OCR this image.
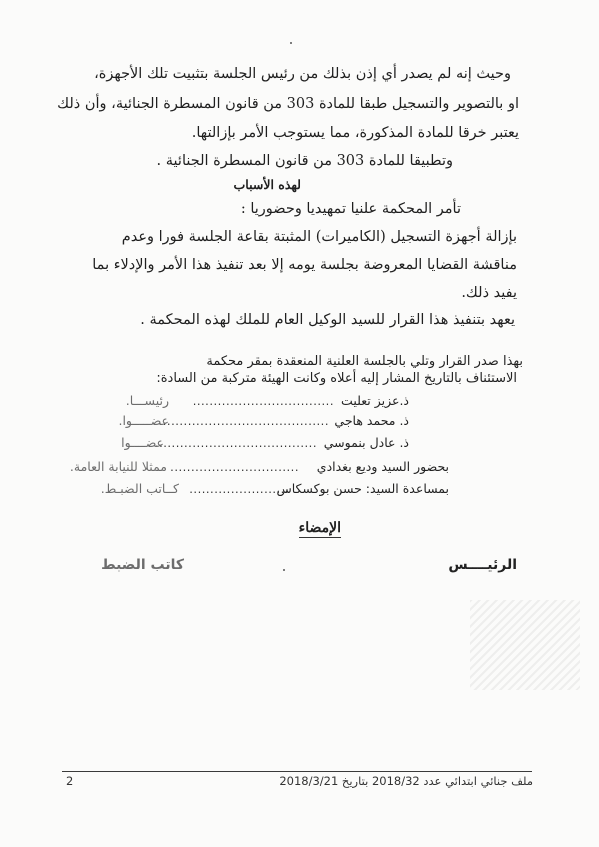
وحيث إنه لم يصدر أي إذن بذلك من رئيس الجلسة بتثبيت تلك الأجهزة،
او بالتصوير والتسجيل طبقا للمادة 303 من قانون المسطرة الجنائية، وأن ذلك
يعتبر خرقا للمادة المذكورة، مما يستوجب الأمر بإزالتها.
وتطبيقا للمادة 303 من قانون المسطرة الجنائية .
لهذه الأسباب
تأمر المحكمة علنيا تمهيديا وحضوريا :
بإزالة أجهزة التسجيل (الكاميرات) المثبتة بقاعة الجلسة فورا وعدم
مناقشة القضايا المعروضة بجلسة يومه إلا بعد تنفيذ هذا الأمر والإدلاء بما
يفيد ذلك.
يعهد بتنفيذ هذا القرار للسيد الوكيل العام للملك لهذه المحكمة .
بهذا صدر القرار وتلي بالجلسة العلنية المنعقدة بمقر محكمة
الاستئناف بالتاريخ المشار إليه أعلاه وكانت الهيئة متركبة من السادة:
ذ.عزيز تعليت
..................................
رئيســـا.
ذ. محمد هاجي
.........................................
عضـــــوا.
ذ. عادل بنموسي
.......................................
عضــــوا
بحضور السيد وديع بغدادي
...............................
ممثلا للنيابة العامة.
بمساعدة السيد: حسن بوكسكاس
........................
كــاتب الضبـط.
الإمضاء
الرئيــــس
كاتب الضبط
ملف جنائي ابتدائي عدد 2018/32 بتاريخ 2018/3/21
2
